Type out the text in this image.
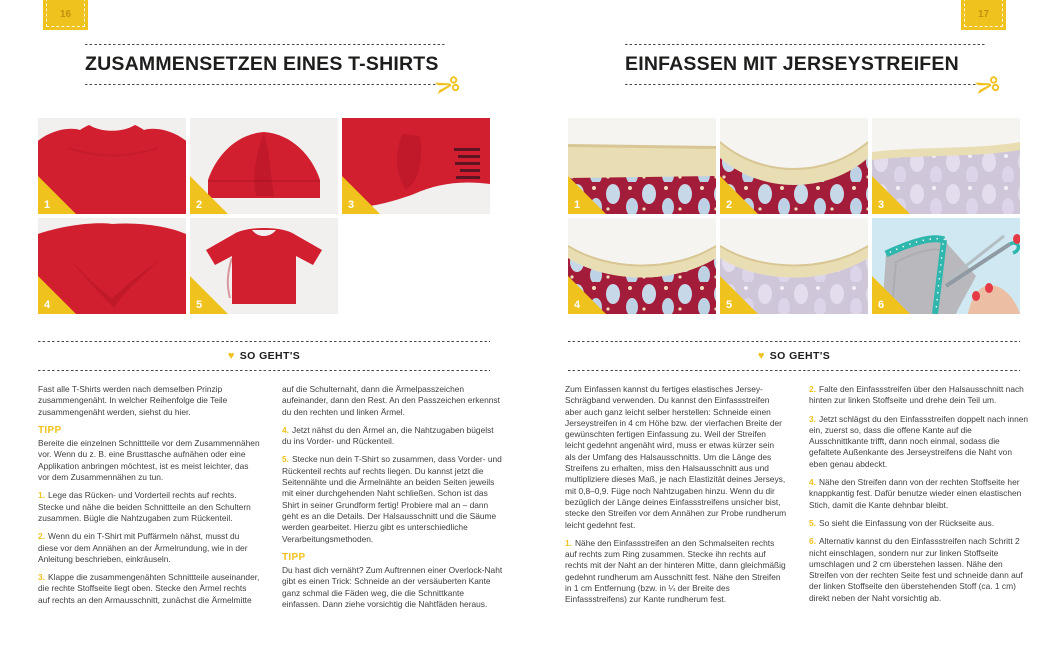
16	17
ZUSAMMENSETZEN EINES T-SHIRTS	EINFASSEN MIT JERSEYSTREIFEN
1	2	3
4	5
1	2	3
4	5	6
♥ SO GEHT'S	♥ SO GEHT'S

Fast alle T-Shirts werden nach demselben Prinzip zusammengenäht. In welcher Reihenfolge die Teile zusammengenäht werden, siehst du hier.

TIPP
Bereite die einzelnen Schnittteile vor dem Zusammennähen vor. Wenn du z. B. eine Brusttasche aufnähen oder eine Applikation anbringen möchtest, ist es meist leichter, das vor dem Zusammennähen zu tun.

1. Lege das Rücken- und Vorderteil rechts auf rechts. Stecke und nähe die beiden Schnittteile an den Schultern zusammen. Bügle die Nahtzugaben zum Rückenteil.

2. Wenn du ein T-Shirt mit Puffärmeln nähst, musst du diese vor dem Annähen an der Ärmelrundung, wie in der Anleitung beschrieben, einkräuseln.

3. Klappe die zusammengenähten Schnittteile auseinander, die rechte Stoffseite liegt oben. Stecke den Ärmel rechts auf rechts an den Armausschnitt, zunächst die Ärmelmitte auf die Schulternaht, dann die Ärmelpasszeichen aufeinander, dann den Rest. An den Passzeichen erkennst du den rechten und linken Ärmel.

4. Jetzt nähst du den Ärmel an, die Nahtzugaben bügelst du ins Vorder- und Rückenteil.

5. Stecke nun dein T-Shirt so zusammen, dass Vorder- und Rückenteil rechts auf rechts liegen. Du kannst jetzt die Seitennähte und die Ärmelnähte an beiden Seiten jeweils mit einer durchgehenden Naht schließen. Schon ist das Shirt in seiner Grundform fertig! Probiere mal an – dann geht es an die Details. Der Halsausschnitt und die Säume werden gearbeitet. Hierzu gibt es unterschiedliche Verarbeitungsmethoden.

TIPP
Du hast dich vernäht? Zum Auftrennen einer Overlock-Naht gibt es einen Trick: Schneide an der versäuberten Kante ganz schmal die Fäden weg, die die Schnittkante einfassen. Dann ziehe vorsichtig die Nahtfäden heraus.

Zum Einfassen kannst du fertiges elastisches Jersey-Schrägband verwenden. Du kannst den Einfassstreifen aber auch ganz leicht selber herstellen: Schneide einen Jerseystreifen in 4 cm Höhe bzw. der vierfachen Breite der gewünschten fertigen Einfassung zu. Weil der Streifen leicht gedehnt angenäht wird, muss er etwas kürzer sein als der Umfang des Halsausschnitts. Um die Länge des Streifens zu erhalten, miss den Halsausschnitt aus und multipliziere dieses Maß, je nach Elastizität deines Jerseys, mit 0,8–0,9. Füge noch Nahtzugaben hinzu. Wenn du dir bezüglich der Länge deines Einfassstreifens unsicher bist, stecke den Streifen vor dem Annähen zur Probe rundherum leicht gedehnt fest.

1. Nähe den Einfassstreifen an den Schmalseiten rechts auf rechts zum Ring zusammen. Stecke ihn rechts auf rechts mit der Naht an der hinteren Mitte, dann gleichmäßig gedehnt rundherum am Ausschnitt fest. Nähe den Streifen in 1 cm Entfernung (bzw. in ¼ der Breite des Einfassstreifens) zur Kante rundherum fest.

2. Falte den Einfassstreifen über den Halsausschnitt nach hinten zur linken Stoffseite und drehe dein Teil um.

3. Jetzt schlägst du den Einfassstreifen doppelt nach innen ein, zuerst so, dass die offene Kante auf die Ausschnittkante trifft, dann noch einmal, sodass die gefaltete Außenkante des Jerseystreifens die Naht von eben genau abdeckt.

4. Nähe den Streifen dann von der rechten Stoffseite her knappkantig fest. Dafür benutze wieder einen elastischen Stich, damit die Kante dehnbar bleibt.

5. So sieht die Einfassung von der Rückseite aus.

6. Alternativ kannst du den Einfassstreifen nach Schritt 2 nicht einschlagen, sondern nur zur linken Stoffseite umschlagen und 2 cm überstehen lassen. Nähe den Streifen von der rechten Seite fest und schneide dann auf der linken Stoffseite den überstehenden Stoff (ca. 1 cm) direkt neben der Naht vorsichtig ab.
